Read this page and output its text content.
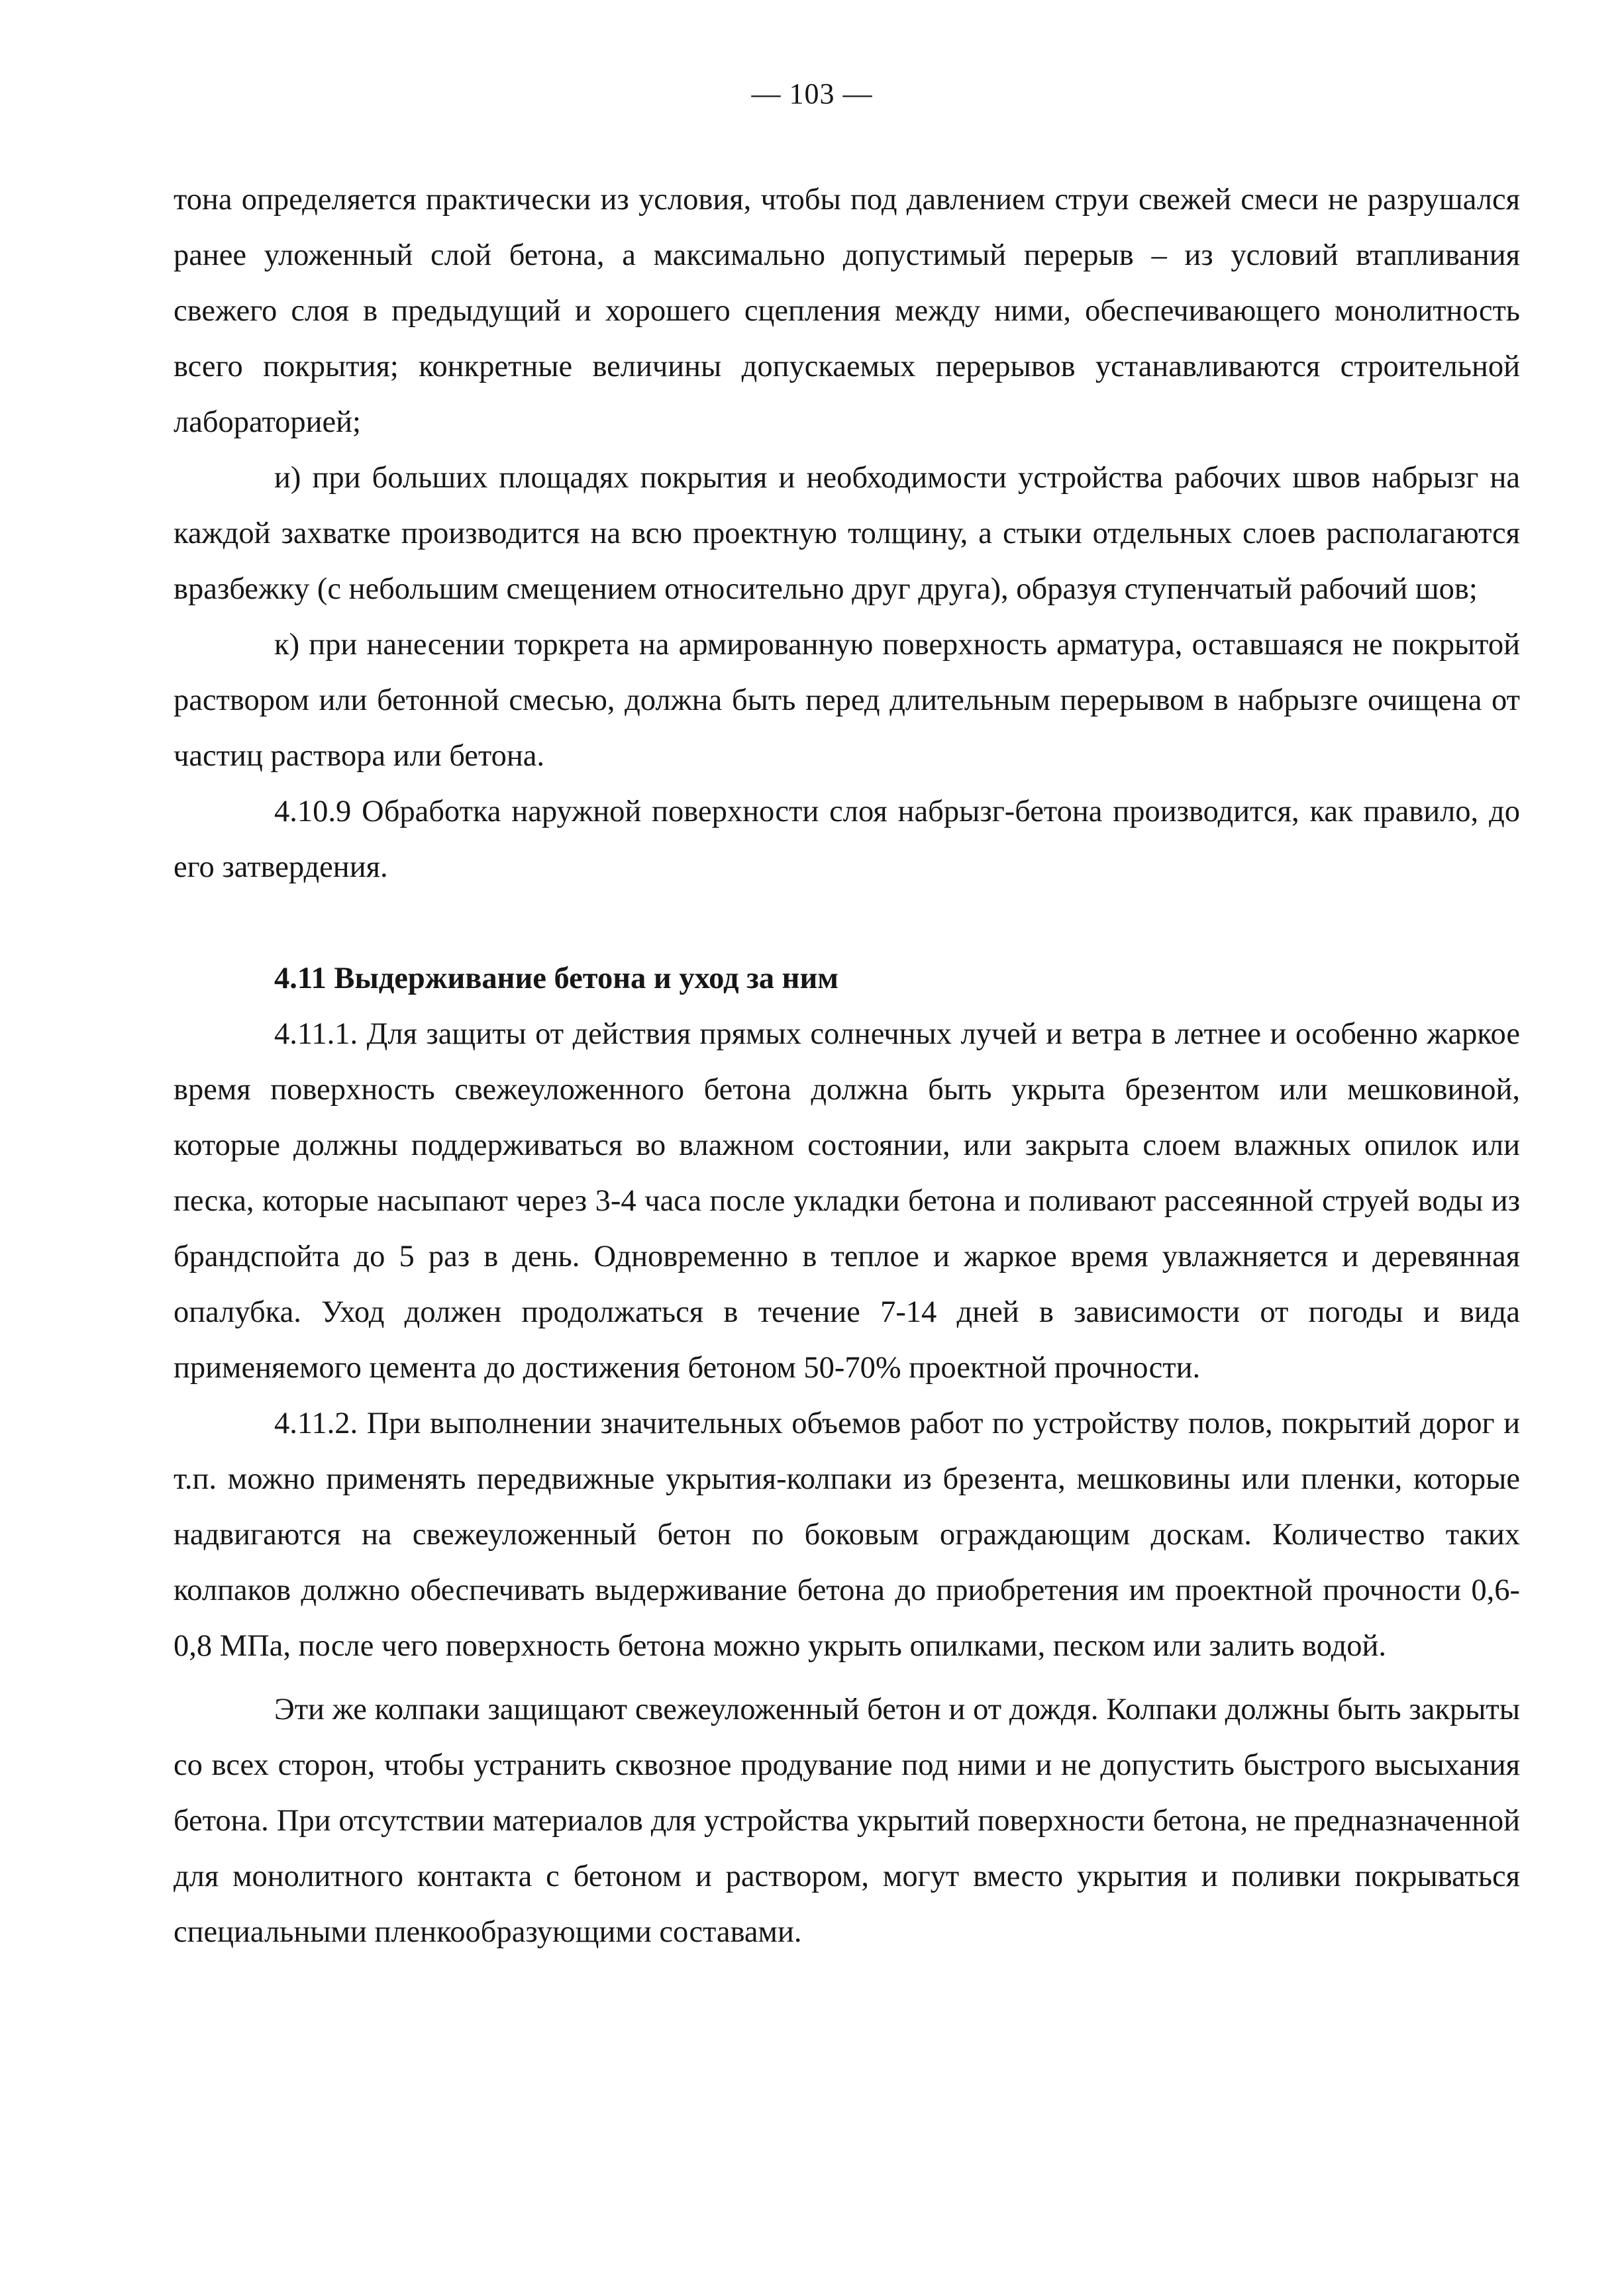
— 103 —

тона определяется практически из условия, чтобы под давлением струи свежей смеси не разрушался ранее уложенный слой бетона, а максимально допустимый перерыв – из условий втапливания свежего слоя в предыдущий и хорошего сцепления между ними, обеспечивающего монолитность всего покрытия; конкретные величины допускаемых перерывов устанавливаются строительной лабораторией;

и) при больших площадях покрытия и необходимости устройства рабочих швов набрызг на каждой захватке производится на всю проектную толщину, а стыки отдельных слоев располагаются вразбежку (с небольшим смещением относительно друг друга), образуя ступенчатый рабочий шов;

к) при нанесении торкрета на армированную поверхность арматура, оставшаяся не покрытой раствором или бетонной смесью, должна быть перед длительным перерывом в набрызге очищена от частиц раствора или бетона.

4.10.9 Обработка наружной поверхности слоя набрызг-бетона производится, как правило, до его затвердения.

4.11 Выдерживание бетона и уход за ним

4.11.1. Для защиты от действия прямых солнечных лучей и ветра в летнее и особенно жаркое время поверхность свежеуложенного бетона должна быть укрыта брезентом или мешковиной, которые должны поддерживаться во влажном состоянии, или закрыта слоем влажных опилок или песка, которые насыпают через 3-4 часа после укладки бетона и поливают рассеянной струей воды из брандспойта до 5 раз в день. Одновременно в теплое и жаркое время увлажняется и деревянная опалубка. Уход должен продолжаться в течение 7-14 дней в зависимости от погоды и вида применяемого цемента до достижения бетоном 50-70% проектной прочности.

4.11.2. При выполнении значительных объемов работ по устройству полов, покрытий дорог и т.п. можно применять передвижные укрытия-колпаки из брезента, мешковины или пленки, которые надвигаются на свежеуложенный бетон по боковым ограждающим доскам. Количество таких колпаков должно обеспечивать выдерживание бетона до приобретения им проектной прочности 0,6-0,8 МПа, после чего поверхность бетона можно укрыть опилками, песком или залить водой.

Эти же колпаки защищают свежеуложенный бетон и от дождя. Колпаки должны быть закрыты со всех сторон, чтобы устранить сквозное продувание под ними и не допустить быстрого высыхания бетона. При отсутствии материалов для устройства укрытий поверхности бетона, не предназначенной для монолитного контакта с бетоном и раствором, могут вместо укрытия и поливки покрываться специальными пленкообразующими составами.
